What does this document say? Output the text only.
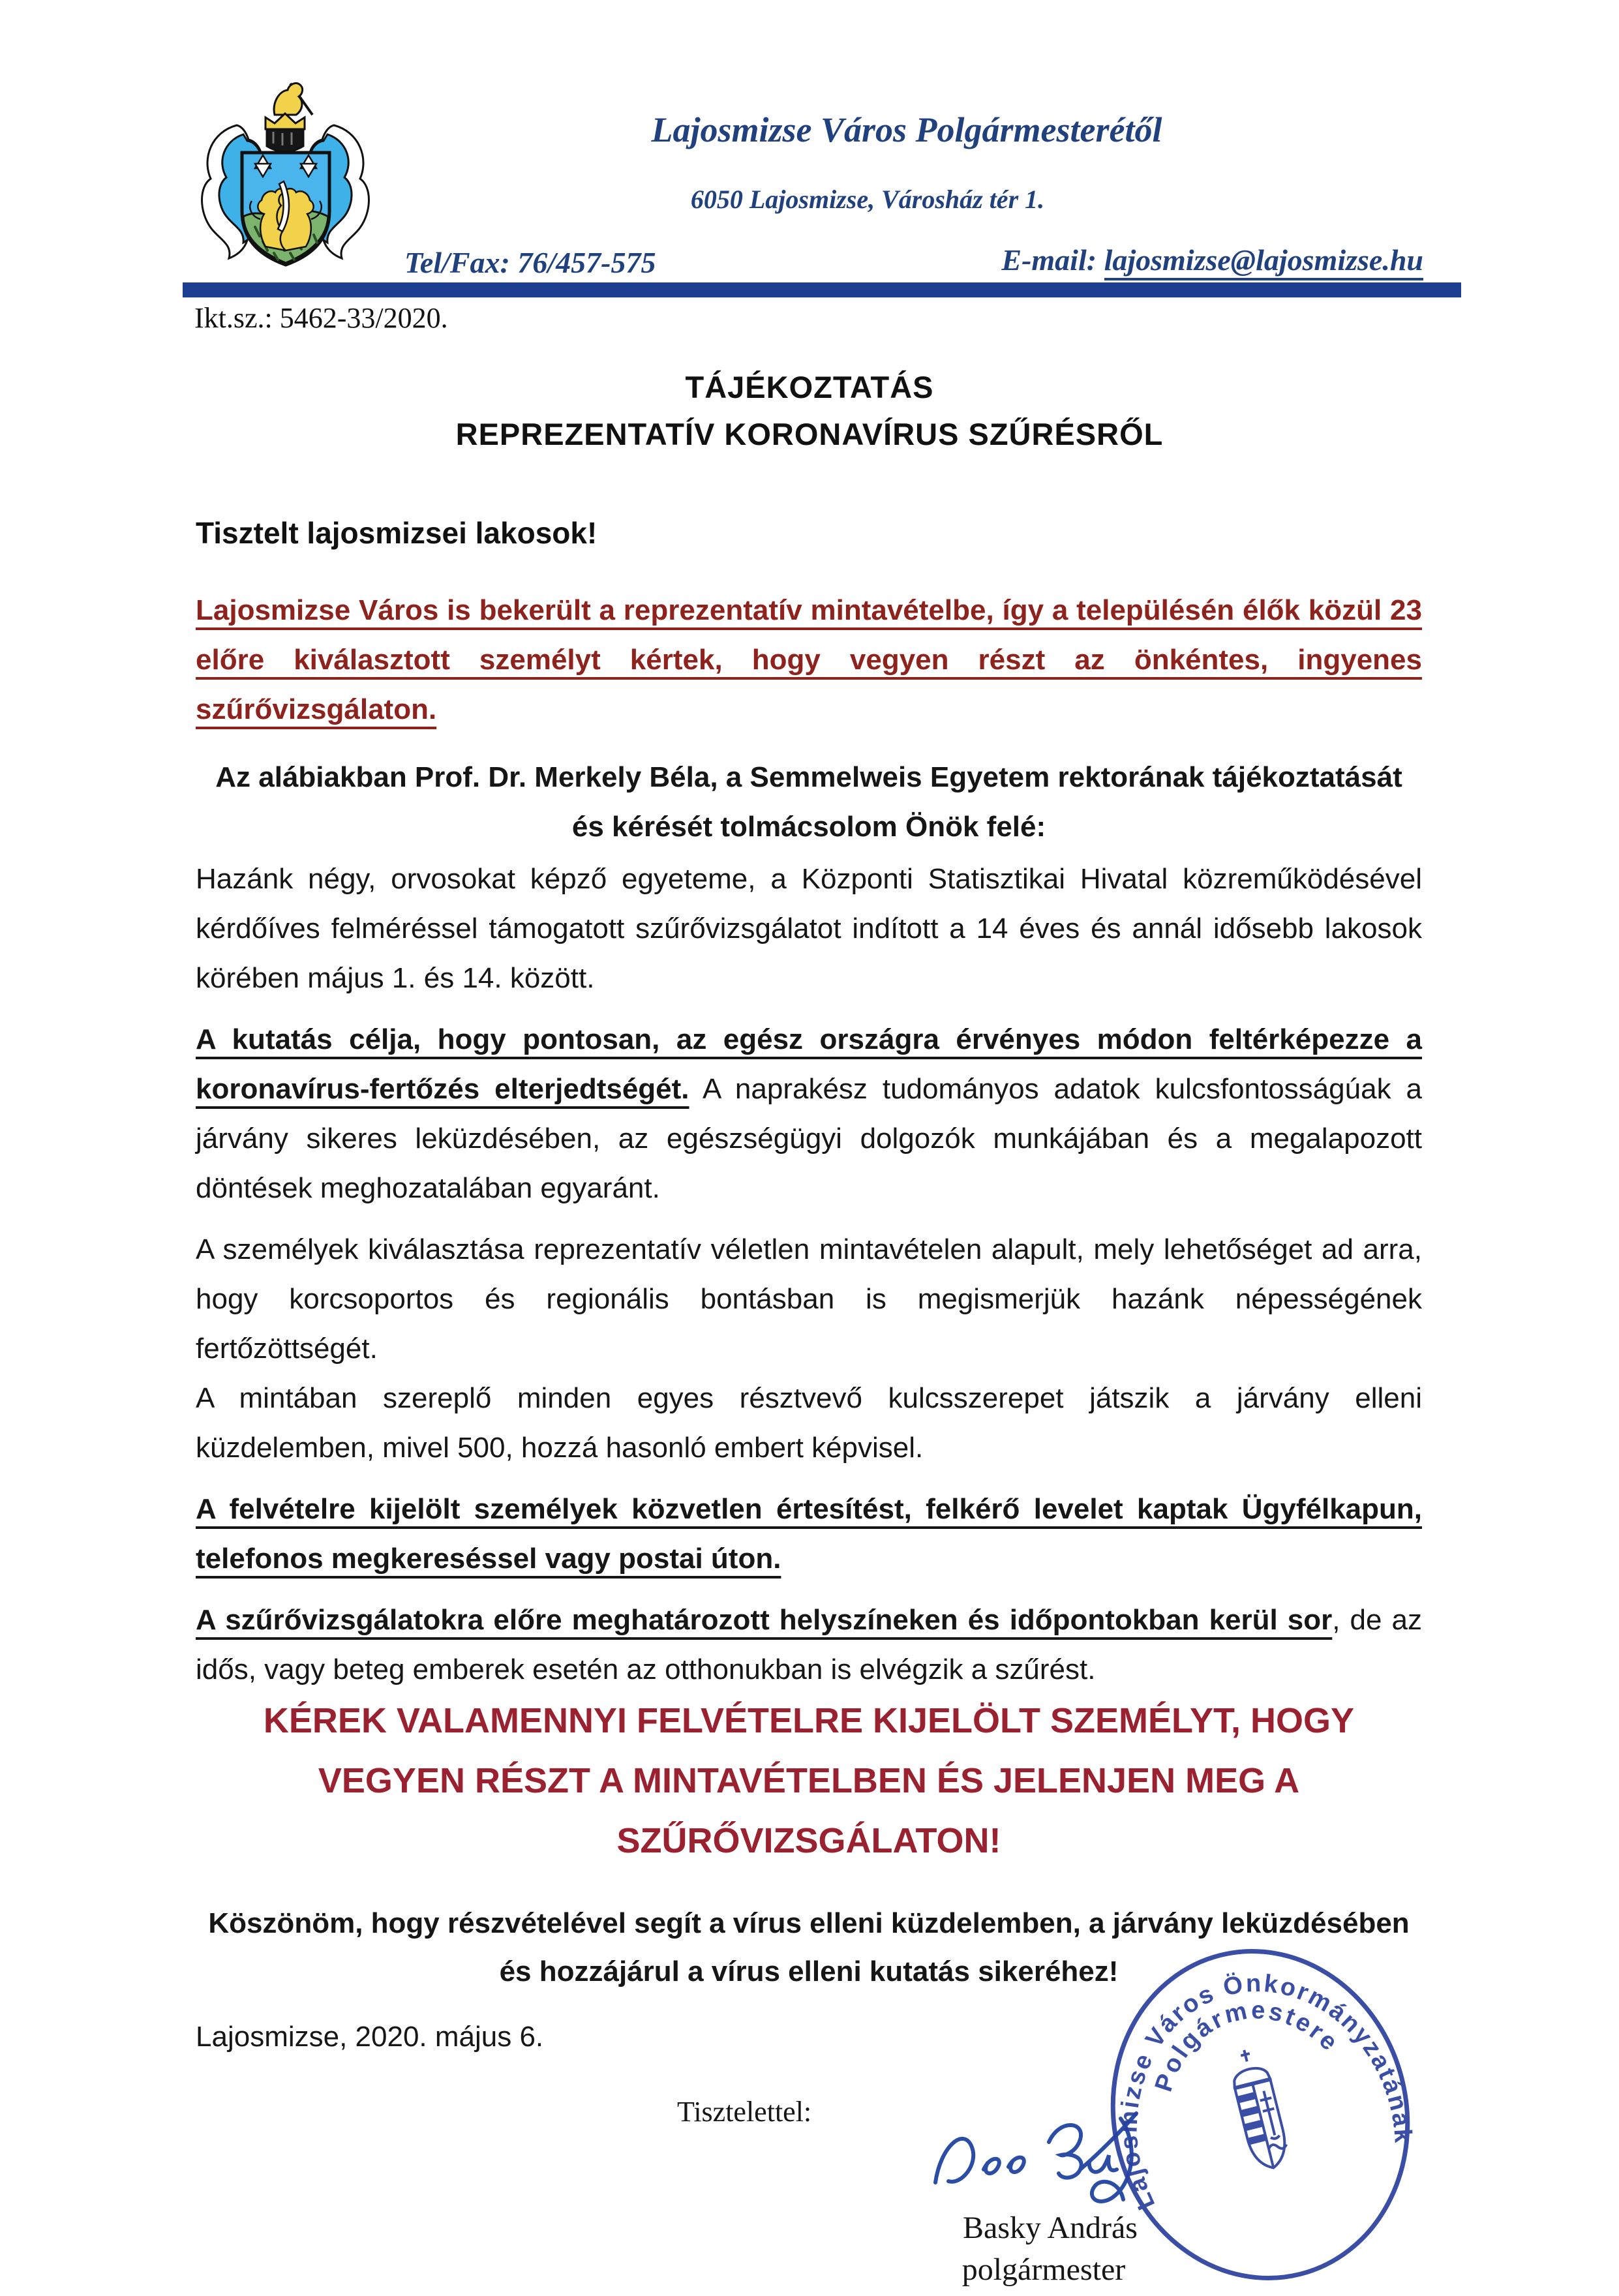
Lajosmizse Város Polgármesterétől
6050 Lajosmizse, Városház tér 1.
Tel/Fax: 76/457-575	E-mail: lajosmizse@lajosmizse.hu
Ikt.sz.: 5462-33/2020.
TÁJÉKOZTATÁS
REPREZENTATÍV KORONAVÍRUS SZŰRÉSRŐL
Tisztelt lajosmizsei lakosok!
Lajosmizse Város is bekerült a reprezentatív mintavételbe, így a településén élők közül 23 előre kiválasztott személyt kértek, hogy vegyen részt az önkéntes, ingyenes szűrővizsgálaton.
Az alábiakban Prof. Dr. Merkely Béla, a Semmelweis Egyetem rektorának tájékoztatását és kérését tolmácsolom Önök felé:
Hazánk négy, orvosokat képző egyeteme, a Központi Statisztikai Hivatal közreműködésével kérdőíves felméréssel támogatott szűrővizsgálatot indított a 14 éves és annál idősebb lakosok körében május 1. és 14. között.
A kutatás célja, hogy pontosan, az egész országra érvényes módon feltérképezze a koronavírus-fertőzés elterjedtségét. A naprakész tudományos adatok kulcsfontosságúak a járvány sikeres leküzdésében, az egészségügyi dolgozók munkájában és a megalapozott döntések meghozatalában egyaránt.
A személyek kiválasztása reprezentatív véletlen mintavételen alapult, mely lehetőséget ad arra, hogy korcsoportos és regionális bontásban is megismerjük hazánk népességének fertőzöttségét.
A mintában szereplő minden egyes résztvevő kulcsszerepet játszik a járvány elleni küzdelemben, mivel 500, hozzá hasonló embert képvisel.
A felvételre kijelölt személyek közvetlen értesítést, felkérő levelet kaptak Ügyfélkapun, telefonos megkereséssel vagy postai úton.
A szűrővizsgálatokra előre meghatározott helyszíneken és időpontokban kerül sor, de az idős, vagy beteg emberek esetén az otthonukban is elvégzik a szűrést.
KÉREK VALAMENNYI FELVÉTELRE KIJELÖLT SZEMÉLYT, HOGY VEGYEN RÉSZT A MINTAVÉTELBEN ÉS JELENJEN MEG A SZŰRŐVIZSGÁLATON!
Köszönöm, hogy részvételével segít a vírus elleni küzdelemben, a járvány leküzdésében és hozzájárul a vírus elleni kutatás sikeréhez!
Lajosmizse, 2020. május 6.
Tisztelettel:
Basky András
polgármester
Lajosmizse Város Önkormányzatának
Polgármestere
